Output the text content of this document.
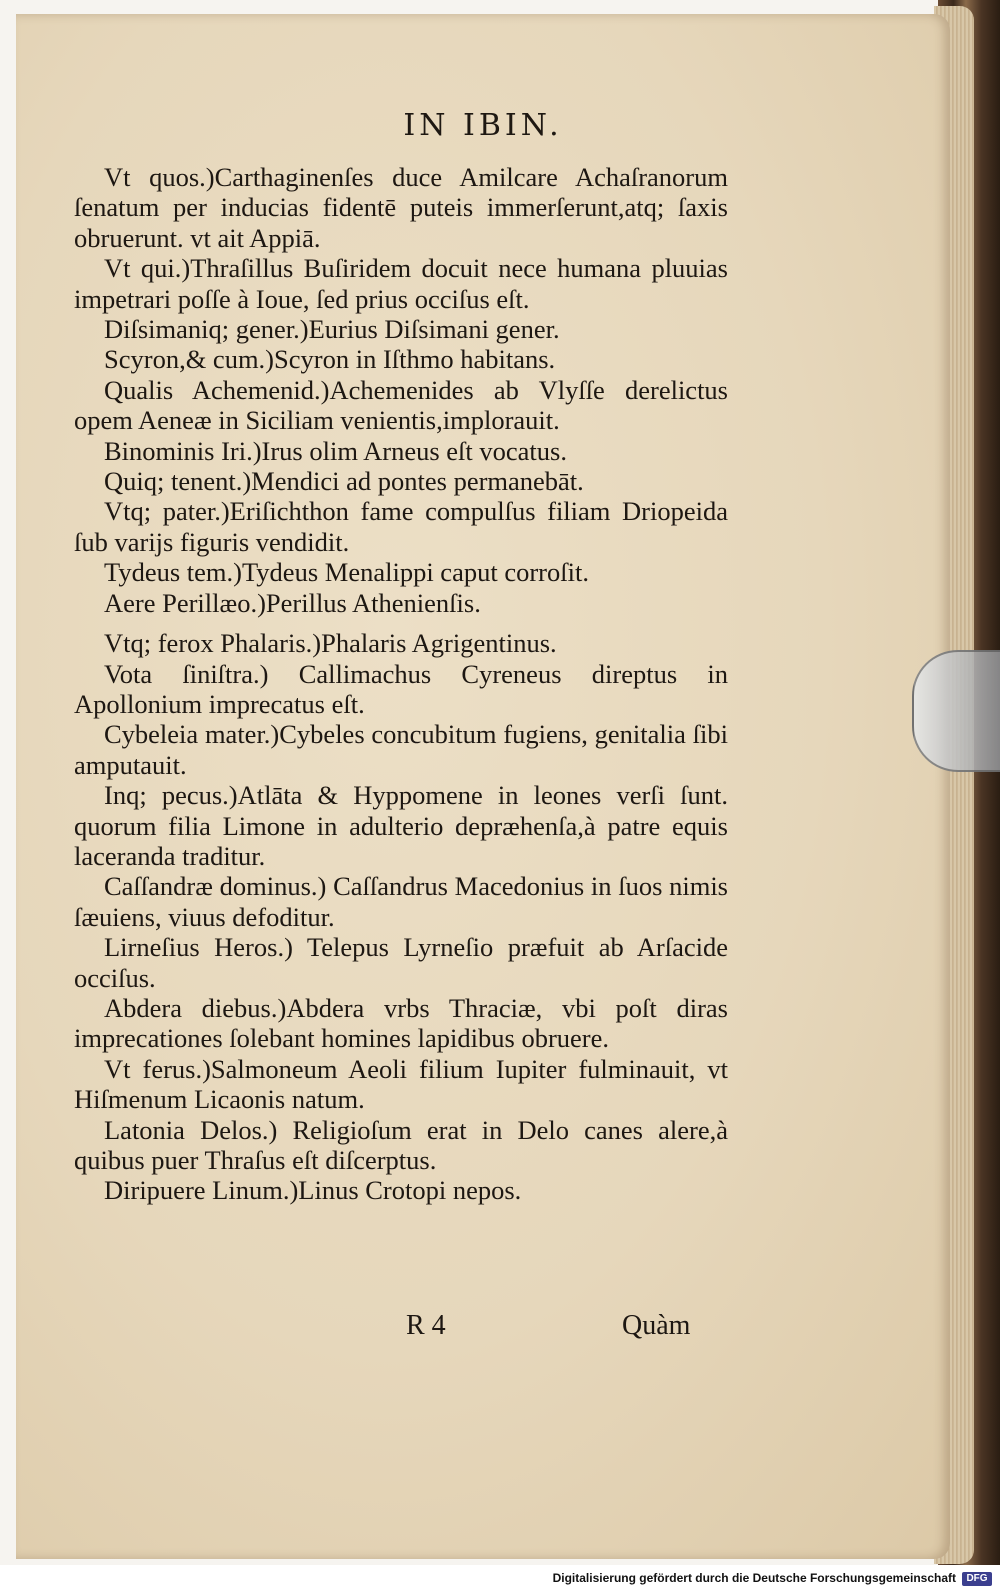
IN IBIN.

Vt quos.)Carthaginenſes duce Amilcare Achaſranorum ſenatum per inducias fidentē puteis immerſerunt,atq; ſaxis obruerunt. vt ait Appiā.

Vt qui.)Thraſillus Buſiridem docuit nece humana pluuias impetrari poſſe à Ioue, ſed prius occiſus eſt.

Diſsimaniq; gener.)Eurius Diſsimani gener.

Scyron,& cum.)Scyron in Iſthmo habitans.

Qualis Achemenid.)Achemenides ab Vlyſſe derelictus opem Aeneæ in Siciliam venientis,implorauit.

Binominis Iri.)Irus olim Arneus eſt vocatus.

Quiq; tenent.)Mendici ad pontes permanebāt.

Vtq; pater.)Eriſichthon fame compulſus filiam Driopeida ſub varijs figuris vendidit.

Tydeus tem.)Tydeus Menalippi caput corroſit.

Aere Perillæo.)Perillus Athenienſis.

Vtq; ferox Phalaris.)Phalaris Agrigentinus.

Vota ſiniſtra.) Callimachus Cyreneus direptus in Apollonium imprecatus eſt.

Cybeleia mater.)Cybeles concubitum fugiens, genitalia ſibi amputauit.

Inq; pecus.)Atlāta & Hyppomene in leones verſi ſunt. quorum filia Limone in adulterio depræhenſa,à patre equis laceranda traditur.

Caſſandræ dominus.) Caſſandrus Macedonius in ſuos nimis ſæuiens, viuus defoditur.

Lirneſius Heros.) Telepus Lyrneſio præfuit ab Arſacide occiſus.

Abdera diebus.)Abdera vrbs Thraciæ, vbi poſt diras imprecationes ſolebant homines lapidibus obruere.

Vt ferus.)Salmoneum Aeoli filium Iupiter fulminauit, vt Hiſmenum Licaonis natum.

Latonia Delos.) Religioſum erat in Delo canes alere,à quibus puer Thraſus eſt diſcerptus.

Diripuere Linum.)Linus Crotopi nepos.

R 4	Quàm
Digitalisierung gefördert durch die Deutsche Forschungsgemeinschaft	DFG
